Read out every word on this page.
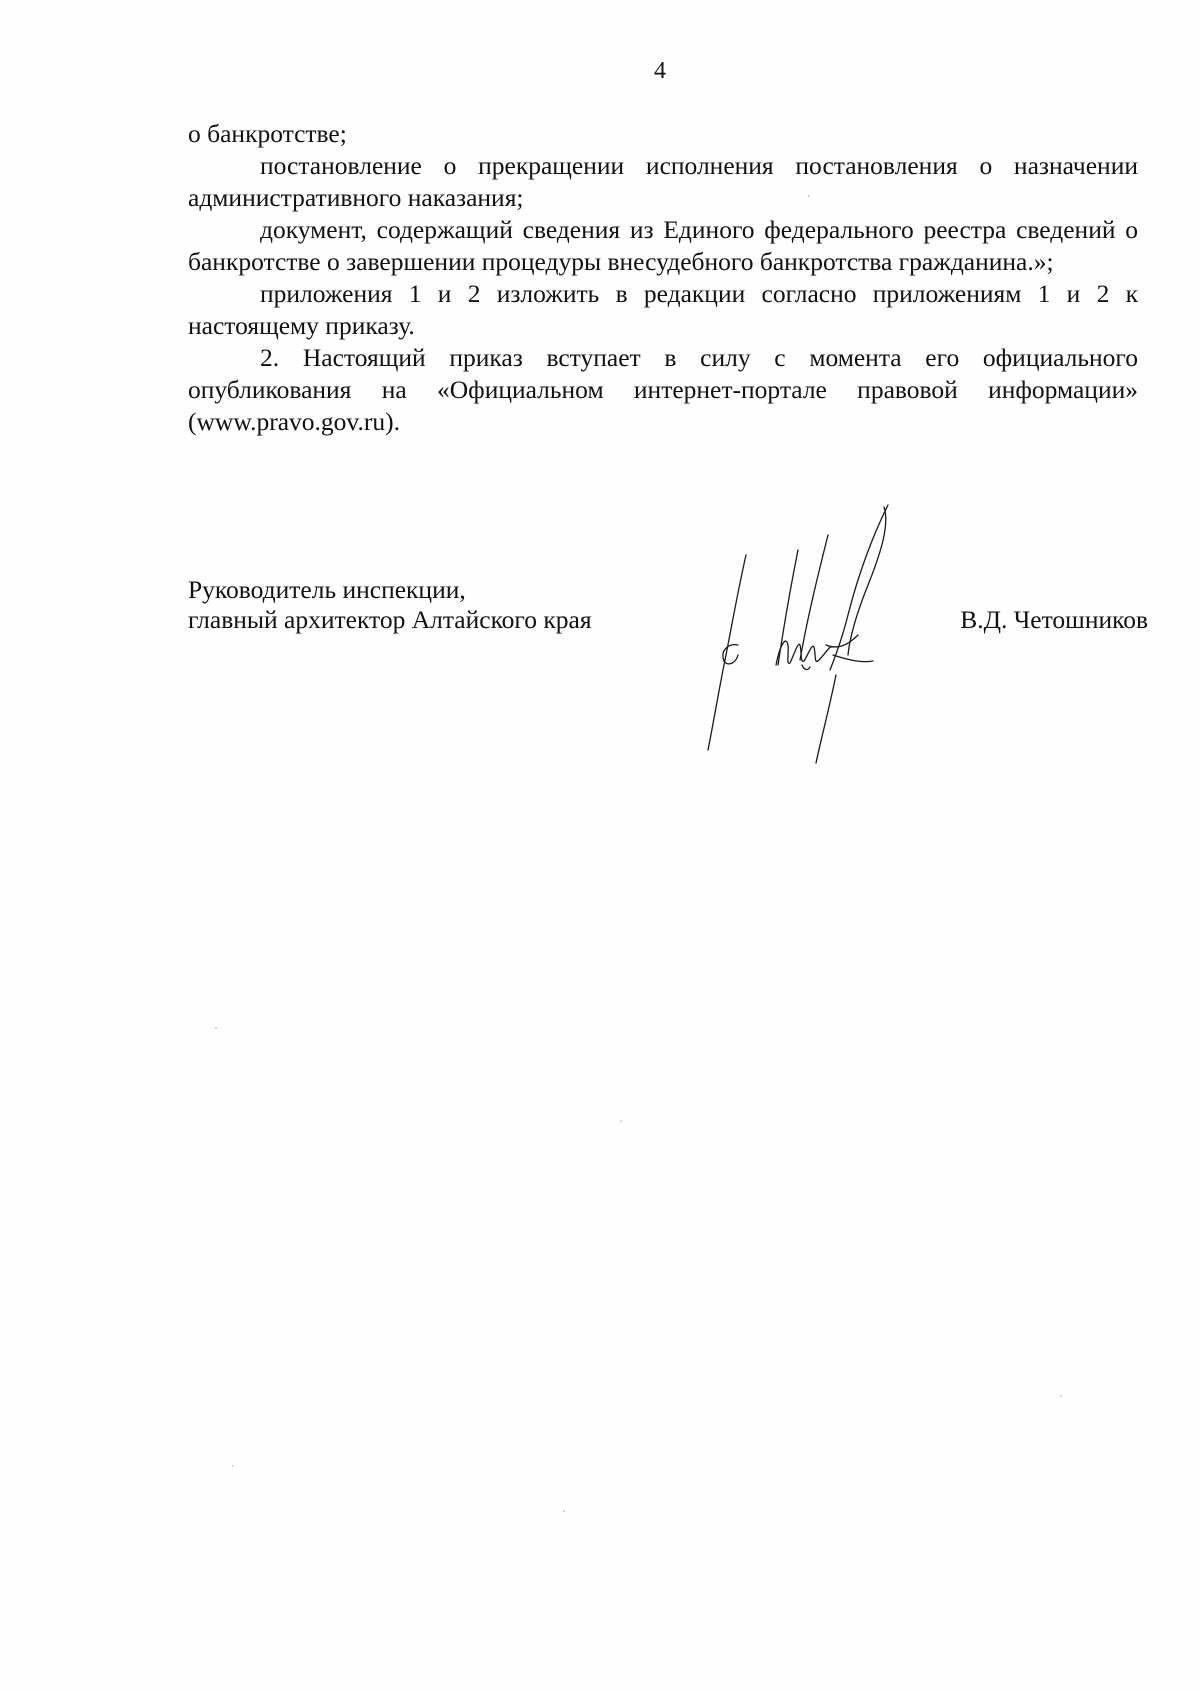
4

о банкротстве;

постановление о прекращении исполнения постановления о назначении административного наказания;

документ, содержащий сведения из Единого федерального реестра сведений о банкротстве о завершении процедуры внесудебного банкротства гражданина.»;

приложения 1 и 2 изложить в редакции согласно приложениям 1 и 2 к настоящему приказу.

2. Настоящий приказ вступает в силу с момента его официального опубликования на «Официальном интернет-портале правовой информации» (www.pravo.gov.ru).

Руководитель инспекции,
главный архитектор Алтайского края	В.Д. Четошников
